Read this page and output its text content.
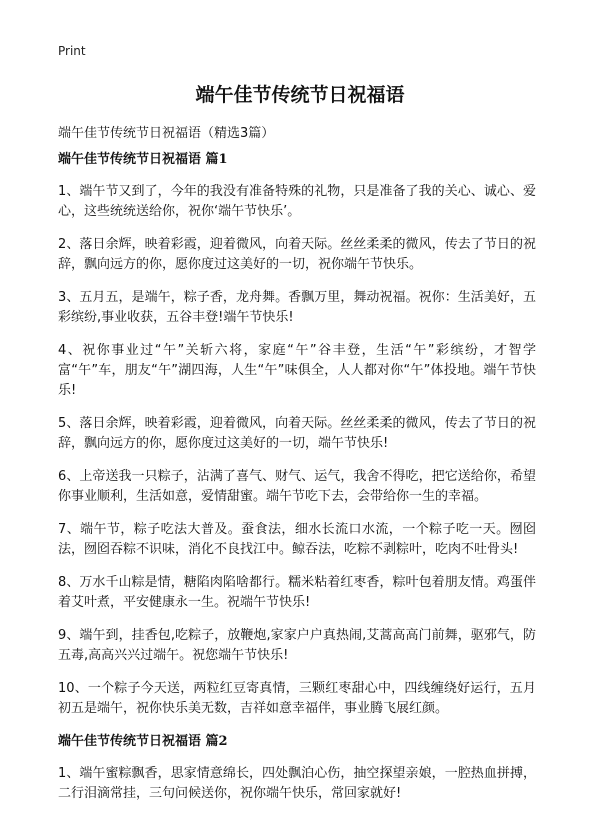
Print
端午佳节传统节日祝福语
端午佳节传统节日祝福语（精选3篇）
端午佳节传统节日祝福语 篇1

1、端午节又到了，今年的我没有准备特殊的礼物，只是准备了我的关心、诚心、爱心，这些统统送给你，祝你‘端午节快乐’。

2、落日余辉，映着彩霞，迎着微风，向着天际。丝丝柔柔的微风，传去了节日的祝辞，飘向远方的你，愿你度过这美好的一切，祝你端午节快乐。

3、五月五，是端午，粽子香，龙舟舞。香飘万里，舞动祝福。祝你：生活美好，五彩缤纷,事业收获，五谷丰登!端午节快乐!

4、祝你事业过“午”关斩六将，家庭“午”谷丰登，生活“午”彩缤纷，才智学富“午”车，朋友“午”湖四海，人生“午”味俱全，人人都对你“午”体投地。端午节快乐!

5、落日余辉，映着彩霞，迎着微风，向着天际。丝丝柔柔的微风，传去了节日的祝辞，飘向远方的你，愿你度过这美好的一切，端午节快乐!

6、上帝送我一只粽子，沾满了喜气、财气、运气，我舍不得吃，把它送给你，希望你事业顺利，生活如意，爱情甜蜜。端午节吃下去，会带给你一生的幸福。

7、端午节，粽子吃法大普及。蚕食法，细水长流口水流，一个粽子吃一天。囫囵法，囫囵吞粽不识味，消化不良找江中。鲸吞法，吃粽不剥粽叶，吃肉不吐骨头!

8、万水千山粽是情，糖陷肉陷啥都行。糯米粘着红枣香，粽叶包着朋友情。鸡蛋伴着艾叶煮，平安健康永一生。祝端午节快乐!

9、端午到，挂香包,吃粽子，放鞭炮,家家户户真热闹,艾蒿高高门前舞，驱邪气，防五毒,高高兴兴过端午。祝您端午节快乐!

10、一个粽子今天送，两粒红豆寄真情，三颗红枣甜心中，四线缠绕好运行，五月初五是端午，祝你快乐美无数，吉祥如意幸福伴，事业腾飞展红颜。

端午佳节传统节日祝福语 篇2

1、端午蜜粽飘香，思家情意绵长，四处飘泊心伤，抽空探望亲娘，一腔热血拼搏，二行泪滴常挂，三句问候送你，祝你端午快乐，常回家就好!
